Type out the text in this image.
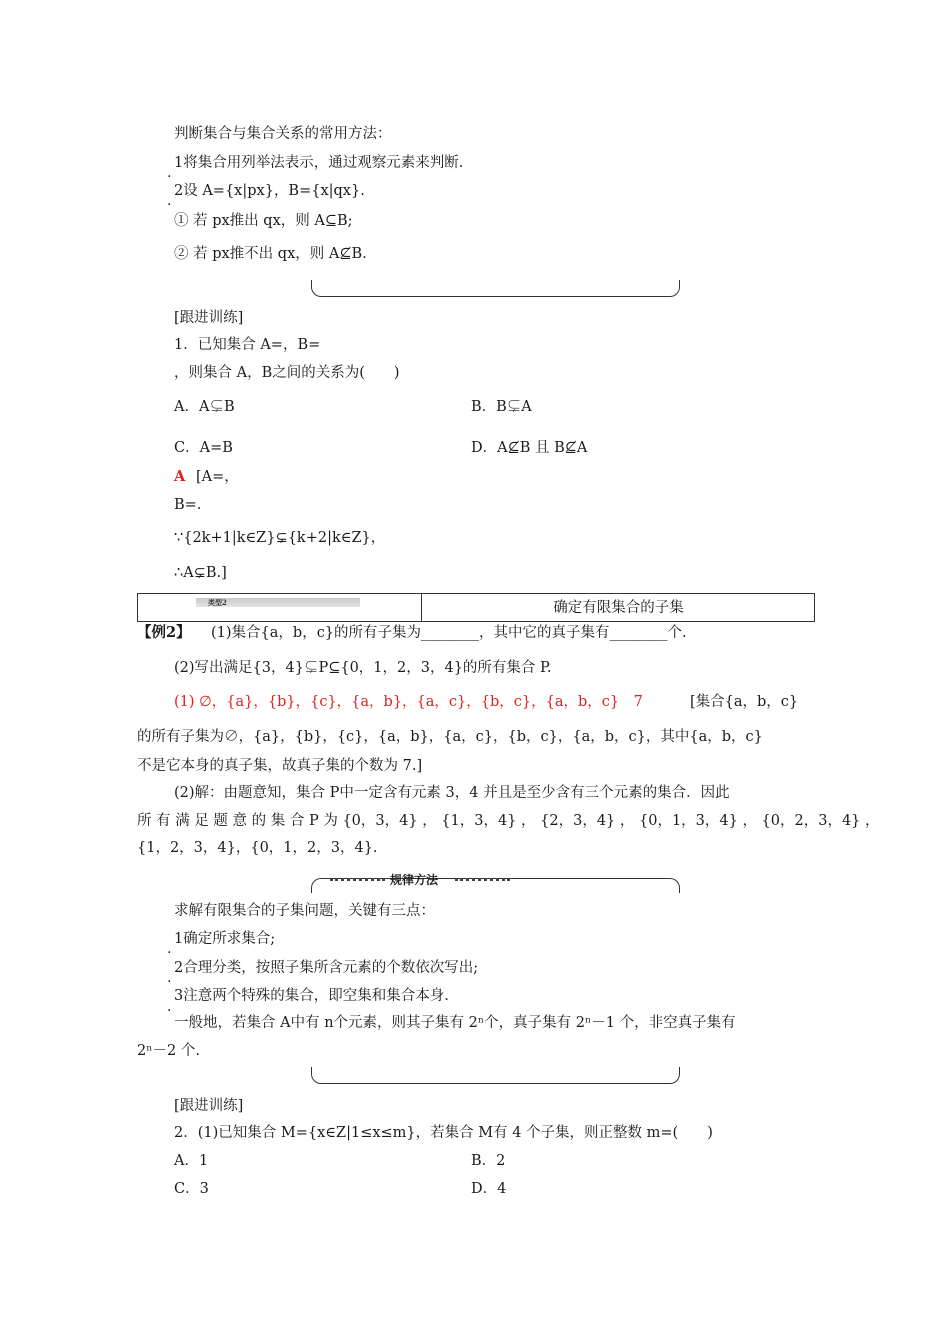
判断集合与集合关系的常用方法：
.
1将集合用列举法表示，通过观察元素来判断.
.
2设 A={x|px}，B={x|qx}.
① 若 px推出 qx，则 A⊆B;
② 若 px推不出 qx，则 A⊈B.
[跟进训练]
1．已知集合 A=，B=
，则集合 A，B之间的关系为(　　)
A．A⊊B	B．B⊊A
C．A=B	D．A⊈B 且 B⊈A
A [A=，
B=.
∵{2k+1|k∈Z}⊊{k+2|k∈Z}，
∴A⊊B.]
类型2	确定有限集合的子集
【例2】 (1)集合{a，b，c}的所有子集为________，其中它的真子集有________个.
(2)写出满足{3，4}⊊P⊆{0，1，2，3，4}的所有集合 P.
(1) ∅，{a}，{b}，{c}，{a，b}，{a，c}，{b，c}，{a，b，c}　7	[集合{a，b，c}
的所有子集为∅，{a}，{b}，{c}，{a，b}，{a，c}，{b，c}，{a，b，c}，其中{a，b，c}
不是它本身的真子集，故真子集的个数为 7.]
(2)解：由题意知，集合 P中一定含有元素 3，4 并且是至少含有三个元素的集合．因此
所 有 满 足 题 意 的 集 合 P 为 {0，3，4} ， {1，3，4} ， {2，3，4} ， {0，1，3，4} ， {0，2，3，4} ，
{1，2，3，4}，{0，1，2，3，4}.
规律方法
求解有限集合的子集问题，关键有三点：
.
1确定所求集合;
.
2合理分类，按照子集所含元素的个数依次写出;
.
3注意两个特殊的集合，即空集和集合本身.
一般地，若集合 A中有 n个元素，则其子集有 2ⁿ个，真子集有 2ⁿ－1 个，非空真子集有
2ⁿ－2 个.
[跟进训练]
2．(1)已知集合 M={x∈Z|1≤x≤m}，若集合 M有 4 个子集，则正整数 m=(　　)
A．1	B．2
C．3	D．4
